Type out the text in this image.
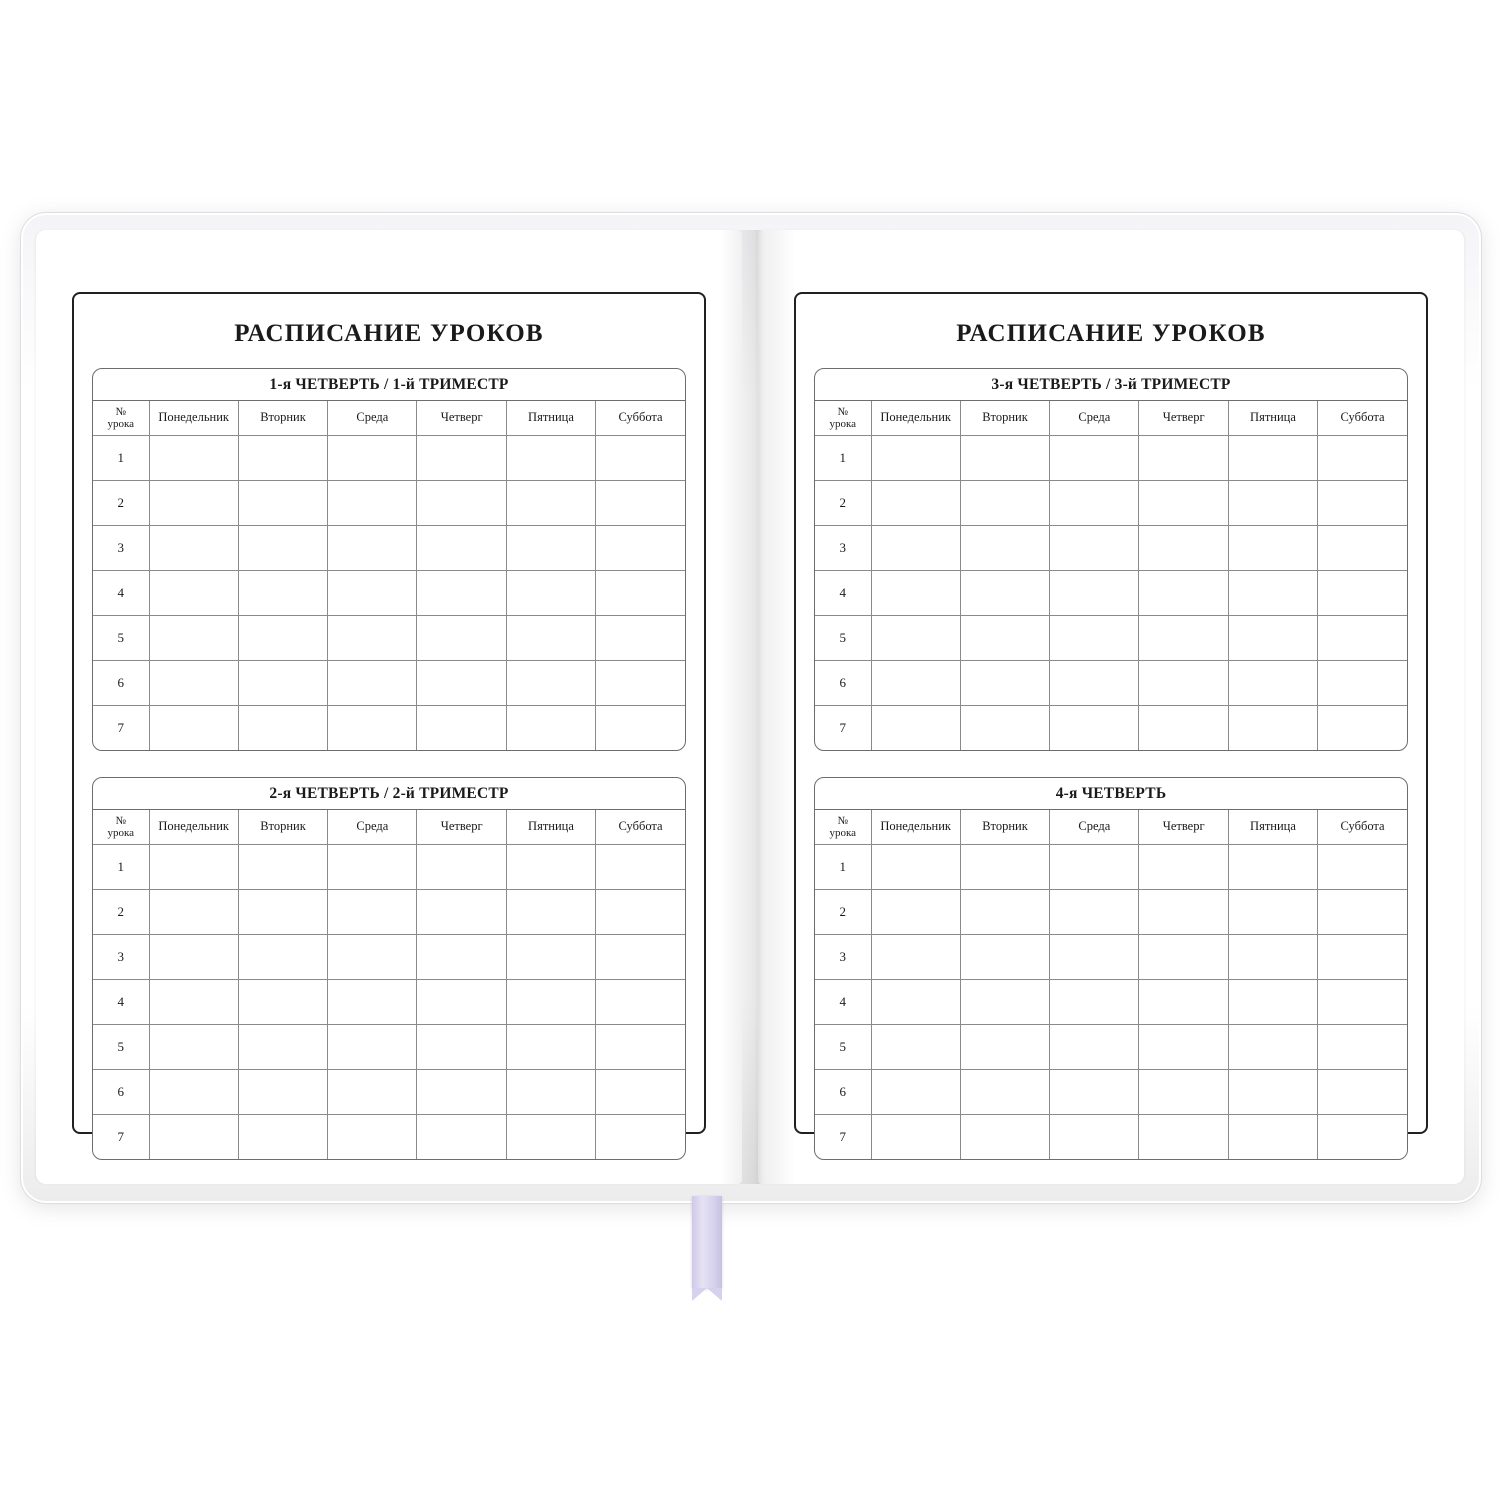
РАСПИСАНИЕ УРОКОВ
1-я ЧЕТВЕРТЬ / 1-й ТРИМЕСТР
№
урока	Понедельник	Вторник	Среда	Четверг	Пятница	Суббота
1						
2						
3						
4						
5						
6						
7						
2-я ЧЕТВЕРТЬ / 2-й ТРИМЕСТР
№
урока	Понедельник	Вторник	Среда	Четверг	Пятница	Суббота
1						
2						
3						
4						
5						
6						
7						
РАСПИСАНИЕ УРОКОВ
3-я ЧЕТВЕРТЬ / 3-й ТРИМЕСТР
№
урока	Понедельник	Вторник	Среда	Четверг	Пятница	Суббота
1						
2						
3						
4						
5						
6						
7						
4-я ЧЕТВЕРТЬ
№
урока	Понедельник	Вторник	Среда	Четверг	Пятница	Суббота
1						
2						
3						
4						
5						
6						
7						
